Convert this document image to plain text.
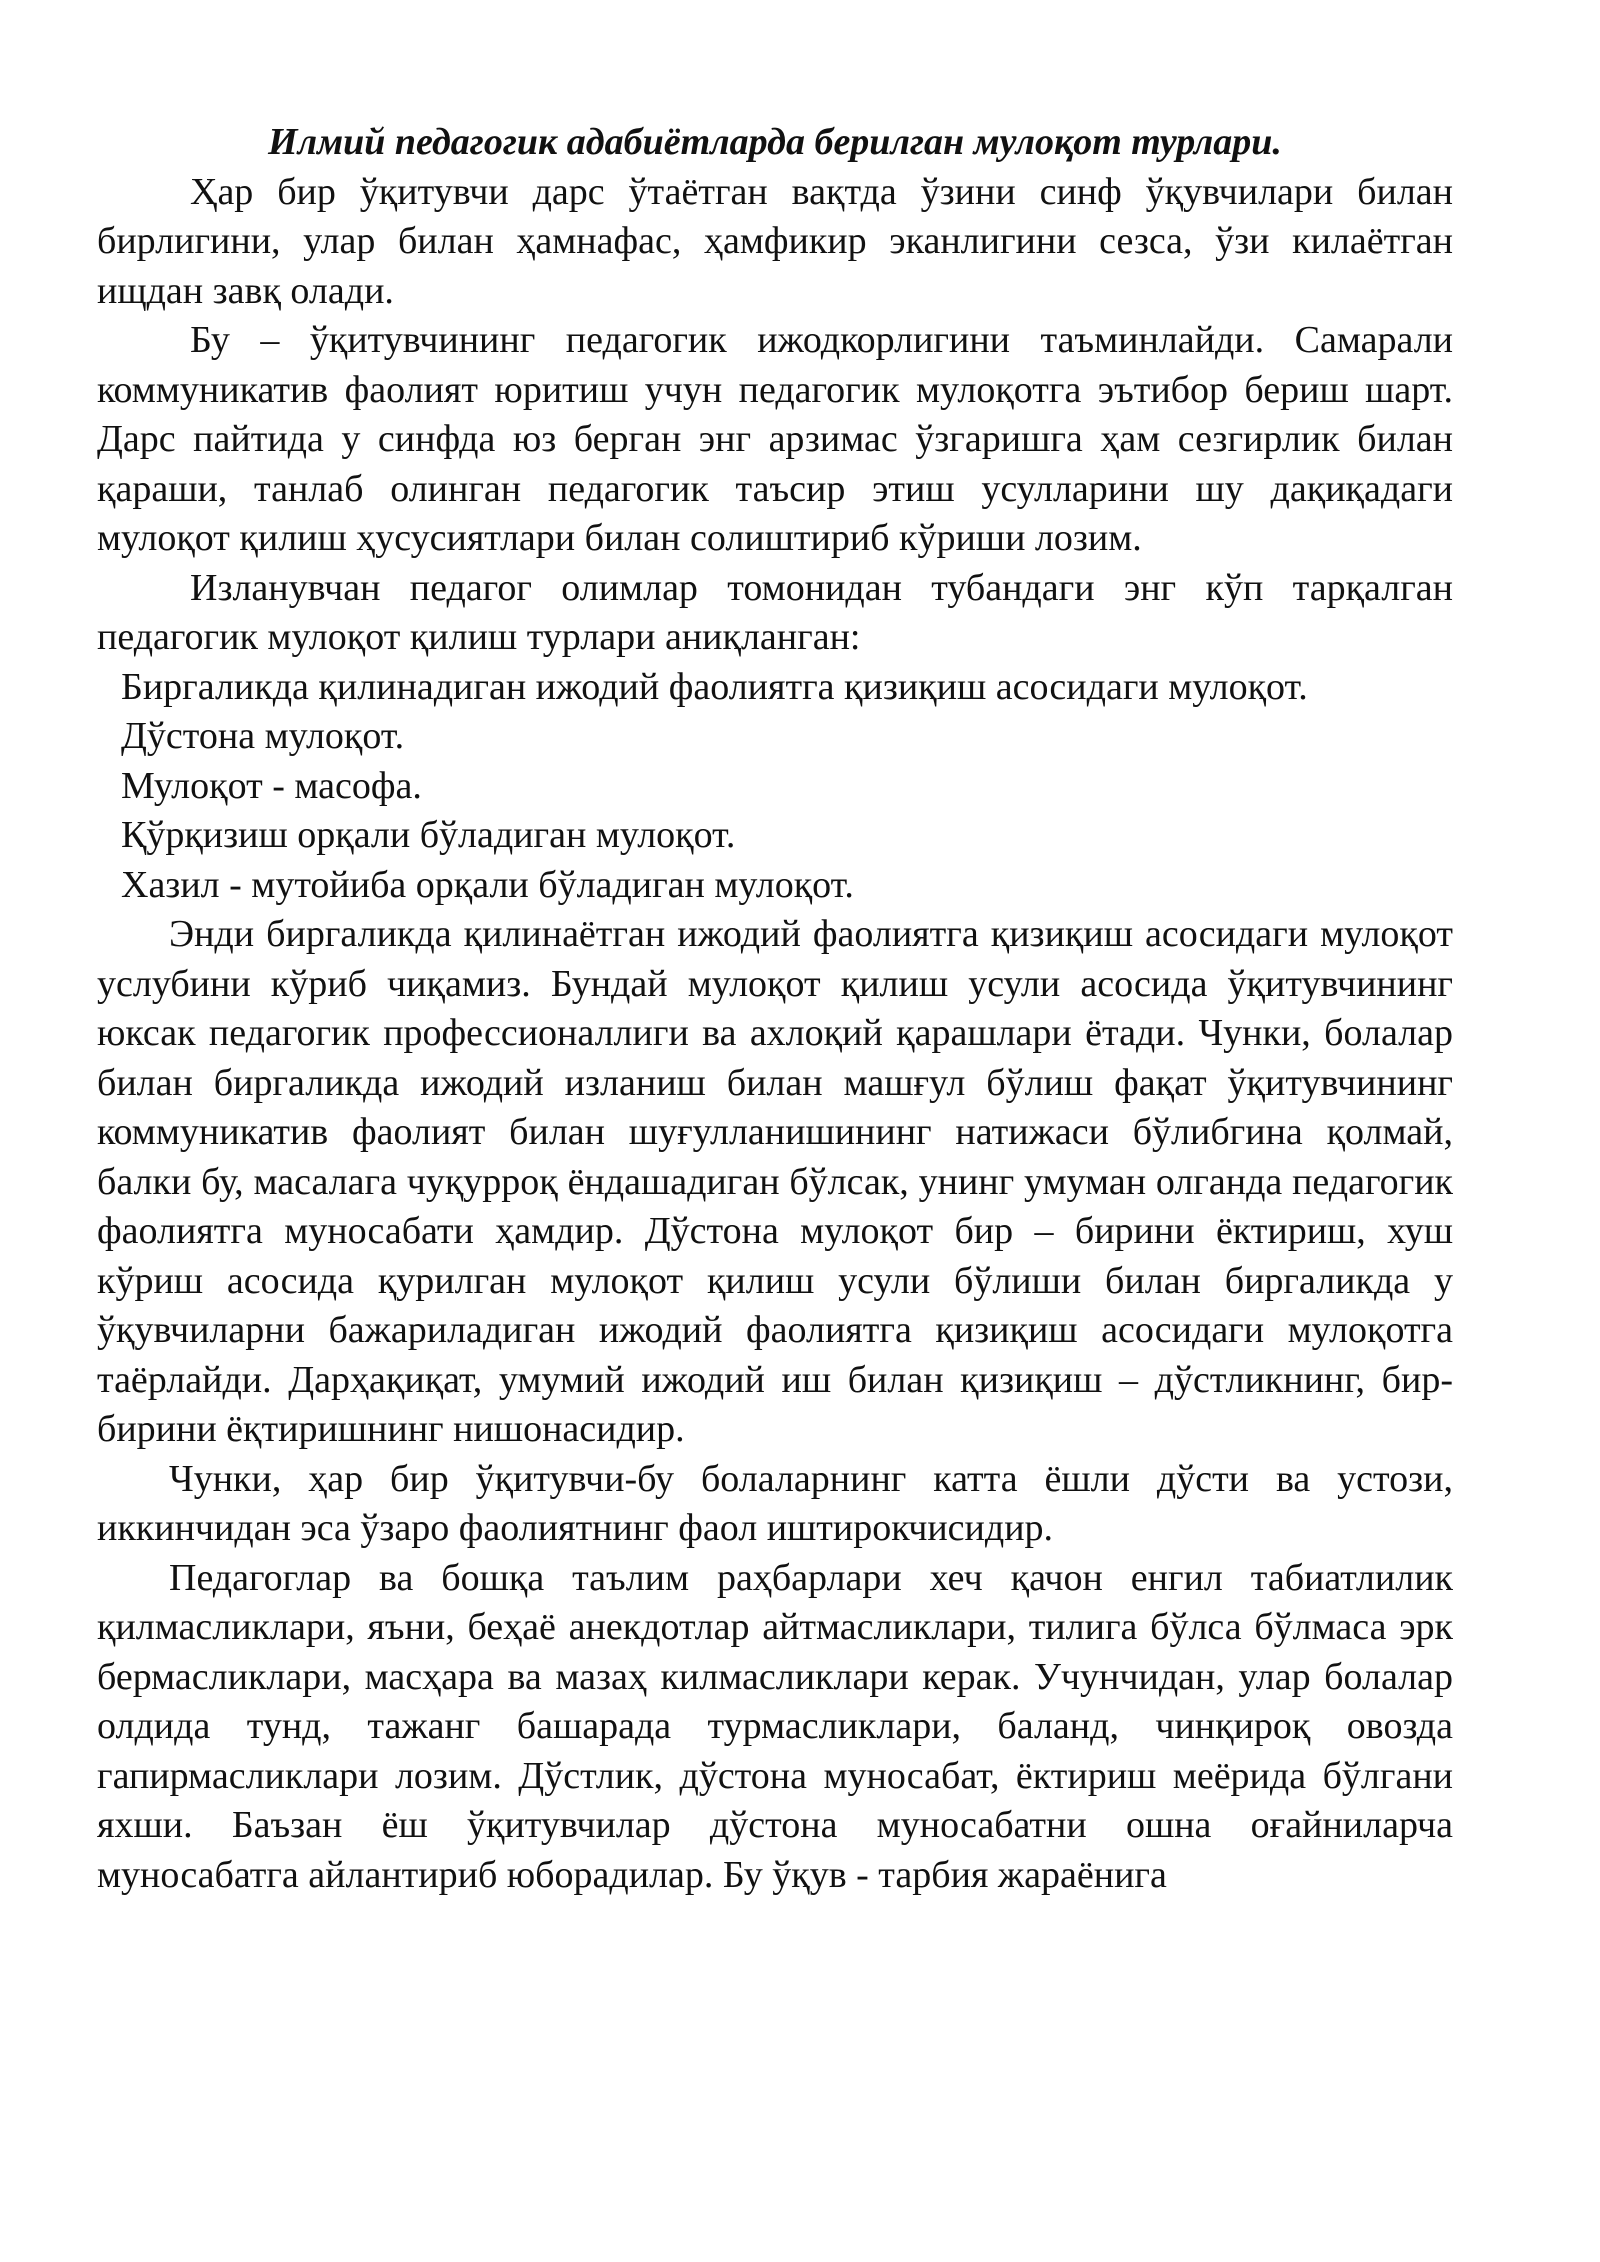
Илмий педагогик адабиётларда берилган мулоқот турлари.

Ҳар бир ўқитувчи дарс ўтаётган вақтда ўзини синф ўқувчилари билан бирлигини, улар билан ҳамнафас, ҳамфикир эканлигини сезса, ўзи килаётган ищдан завқ олади.

Бу – ўқитувчининг педагогик ижодкорлигини таъминлайди. Самарали коммуникатив фаолият юритиш учун педагогик мулоқотга эътибор бериш шарт. Дарс пайтида у синфда юз берган энг арзимас ўзгаришга ҳам сезгирлик билан қараши, танлаб олинган педагогик таъсир этиш усулларини шу дақиқадаги мулоқот қилиш ҳусусиятлари билан солиштириб кўриши лозим.

Изланувчан педагог олимлар томонидан тубандаги энг кўп тарқалган педагогик мулоқот қилиш турлари аниқланган:

Биргаликда қилинадиган ижодий фаолиятга қизиқиш асосидаги мулоқот.
Дўстона мулоқот.
Мулоқот - масофа.
Қўрқизиш орқали бўладиган мулоқот.
Хазил - мутойиба орқали бўладиган мулоқот.

Энди биргаликда қилинаётган ижодий фаолиятга қизиқиш асосидаги мулоқот услубини кўриб чиқамиз. Бундай мулоқот қилиш усули асосида ўқитувчининг юксак педагогик профессионаллиги ва ахлоқий қарашлари ётади. Чунки, болалар билан биргаликда ижодий изланиш билан машғул бўлиш фақат ўқитувчининг коммуникатив фаолият билан шуғулланишининг натижаси бўлибгина қолмай, балки бу, масалага чуқурроқ ёндашадиган бўлсак, унинг умуман олганда педагогик фаолиятга муносабати ҳамдир. Дўстона мулоқот бир – бирини ёктириш, хуш кўриш асосида қурилган мулоқот қилиш усули бўлиши билан биргаликда у ўқувчиларни бажариладиган ижодий фаолиятга қизиқиш асосидаги мулоқотга таёрлайди. Дарҳақиқат, умумий ижодий иш билан қизиқиш – дўстликнинг, бир-бирини ёқтиришнинг нишонасидир.

Чунки, ҳар бир ўқитувчи-бу болаларнинг катта ёшли дўсти ва устози, иккинчидан эса ўзаро фаолиятнинг фаол иштирокчисидир.

Педагоглар ва бошқа таълим раҳбарлари хеч қачон енгил табиатлилик қилмасликлари, яъни, беҳаё анекдотлар айтмасликлари, тилига бўлса бўлмаса эрк бермасликлари, масҳара ва мазаҳ килмасликлари керак. Учунчидан, улар болалар олдида тунд, тажанг башарада турмасликлари, баланд, чинқироқ овозда гапирмасликлари лозим. Дўстлик, дўстона муносабат, ёктириш меёрида бўлгани яхши. Баъзан ёш ўқитувчилар дўстона муносабатни ошна оғайниларча муносабатга айлантириб юборадилар. Бу ўқув - тарбия жараёнига
